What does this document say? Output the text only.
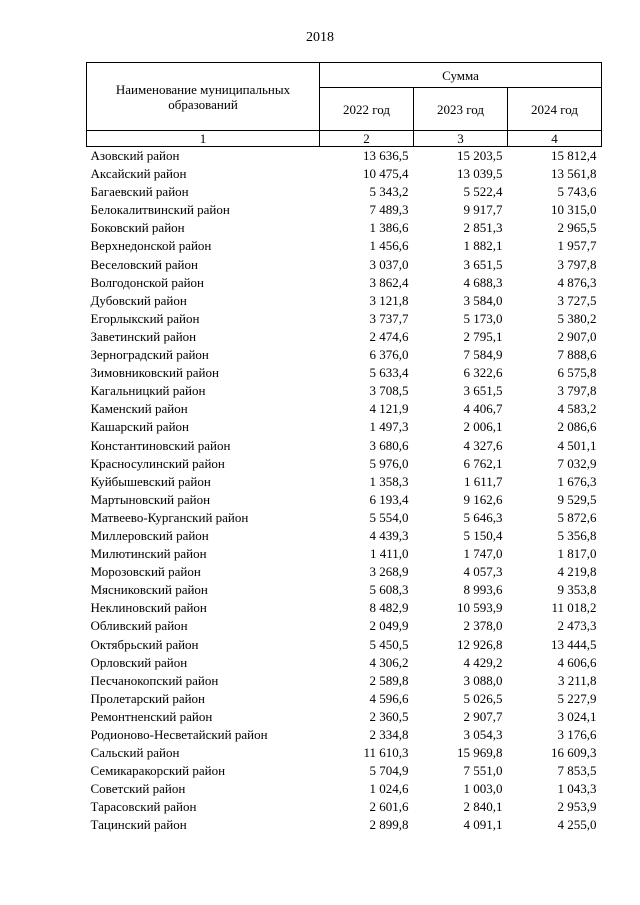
2018
Наименование муниципальных образований	Сумма		
	2022 год	2023 год	2024 год
1	2	3	4
Азовский район	13 636,5	15 203,5	15 812,4
Аксайский район	10 475,4	13 039,5	13 561,8
Багаевский район	5 343,2	5 522,4	5 743,6
Белокалитвинский район	7 489,3	9 917,7	10 315,0
Боковский район	1 386,6	2 851,3	2 965,5
Верхнедонской район	1 456,6	1 882,1	1 957,7
Веселовский район	3 037,0	3 651,5	3 797,8
Волгодонской район	3 862,4	4 688,3	4 876,3
Дубовский район	3 121,8	3 584,0	3 727,5
Егорлыкский район	3 737,7	5 173,0	5 380,2
Заветинский район	2 474,6	2 795,1	2 907,0
Зерноградский район	6 376,0	7 584,9	7 888,6
Зимовниковский район	5 633,4	6 322,6	6 575,8
Кагальницкий район	3 708,5	3 651,5	3 797,8
Каменский район	4 121,9	4 406,7	4 583,2
Кашарский район	1 497,3	2 006,1	2 086,6
Константиновский район	3 680,6	4 327,6	4 501,1
Красносулинский район	5 976,0	6 762,1	7 032,9
Куйбышевский район	1 358,3	1 611,7	1 676,3
Мартыновский район	6 193,4	9 162,6	9 529,5
Матвеево-Курганский район	5 554,0	5 646,3	5 872,6
Миллеровский район	4 439,3	5 150,4	5 356,8
Милютинский район	1 411,0	1 747,0	1 817,0
Морозовский район	3 268,9	4 057,3	4 219,8
Мясниковский район	5 608,3	8 993,6	9 353,8
Неклиновский район	8 482,9	10 593,9	11 018,2
Обливский район	2 049,9	2 378,0	2 473,3
Октябрьский район	5 450,5	12 926,8	13 444,5
Орловский район	4 306,2	4 429,2	4 606,6
Песчанокопский район	2 589,8	3 088,0	3 211,8
Пролетарский район	4 596,6	5 026,5	5 227,9
Ремонтненский район	2 360,5	2 907,7	3 024,1
Родионово-Несветайский район	2 334,8	3 054,3	3 176,6
Сальский район	11 610,3	15 969,8	16 609,3
Семикаракорский район	5 704,9	7 551,0	7 853,5
Советский район	1 024,6	1 003,0	1 043,3
Тарасовский район	2 601,6	2 840,1	2 953,9
Тацинский район	2 899,8	4 091,1	4 255,0
